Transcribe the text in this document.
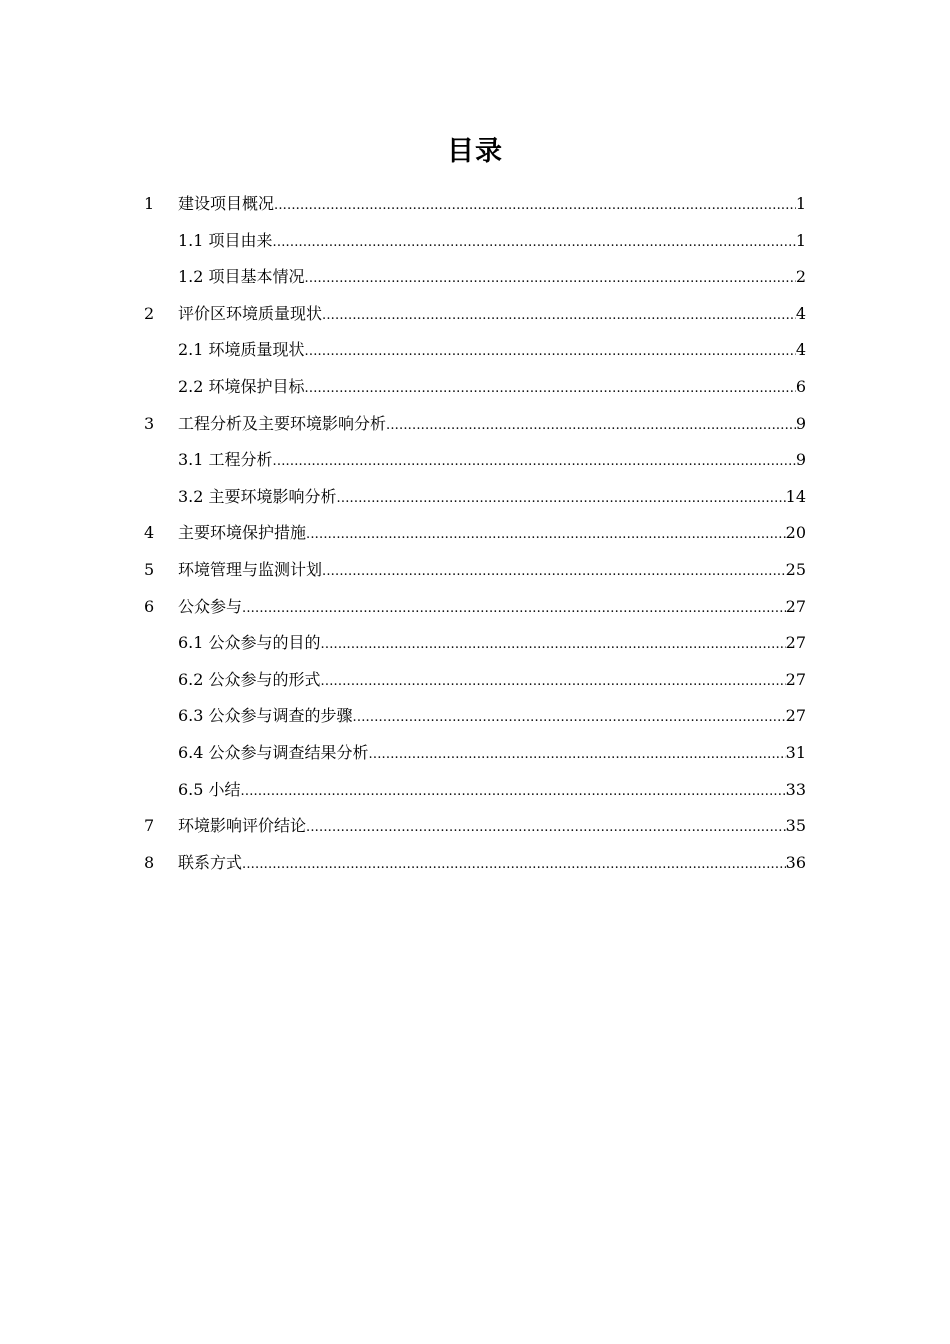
目录
1	建设项目概况 .....	1
1.1 项目由来 .....	1
1.2 项目基本情况 .....	2
2	评价区环境质量现状 .....	4
2.1 环境质量现状 .....	4
2.2 环境保护目标 .....	6
3	工程分析及主要环境影响分析 .....	9
3.1 工程分析 .....	9
3.2 主要环境影响分析 .....	14
4	主要环境保护措施 .....	20
5	环境管理与监测计划 .....	25
6	公众参与 .....	27
6.1 公众参与的目的 .....	27
6.2 公众参与的形式 .....	27
6.3 公众参与调查的步骤 .....	27
6.4 公众参与调查结果分析 .....	31
6.5 小结 .....	33
7	环境影响评价结论 .....	35
8	联系方式 .....	36
